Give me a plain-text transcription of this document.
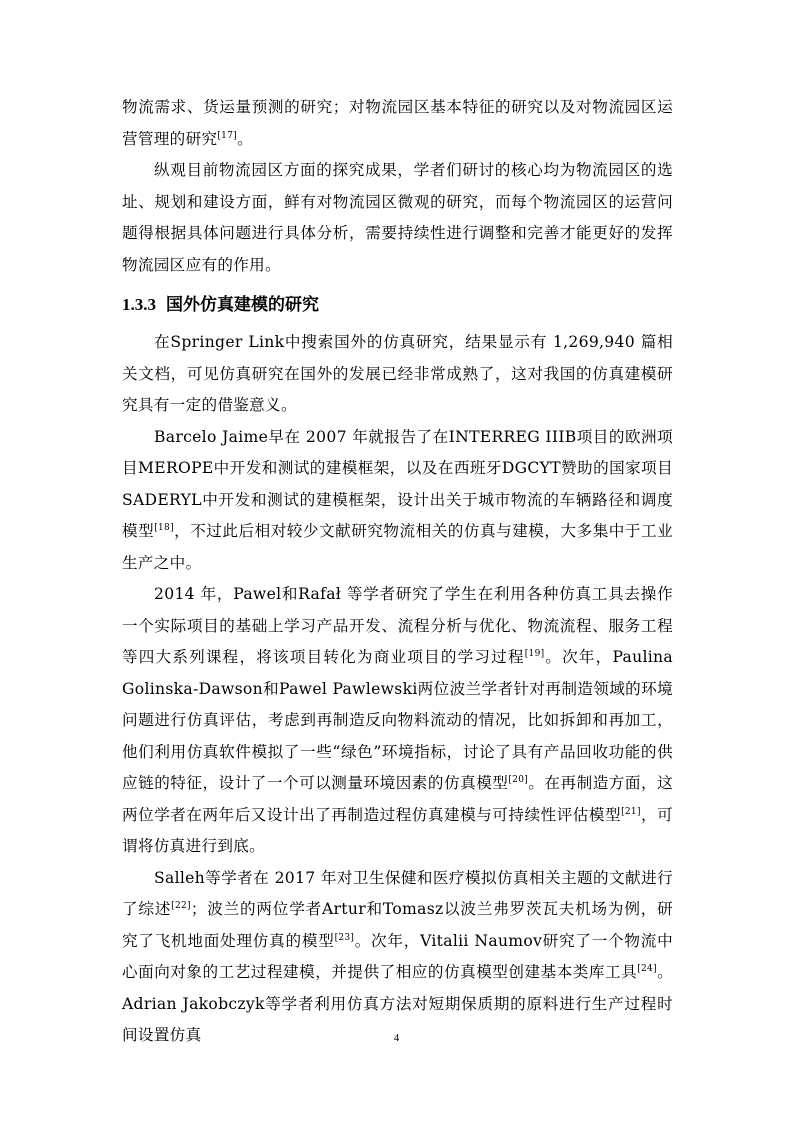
物流需求、货运量预测的研究；对物流园区基本特征的研究以及对物流园区运营管理的研究[17]。

纵观目前物流园区方面的探究成果，学者们研讨的核心均为物流园区的选址、规划和建设方面，鲜有对物流园区微观的研究，而每个物流园区的运营问题得根据具体问题进行具体分析，需要持续性进行调整和完善才能更好的发挥物流园区应有的作用。

1.3.3 国外仿真建模的研究

在Springer Link中搜索国外的仿真研究，结果显示有 1,269,940 篇相关文档，可见仿真研究在国外的发展已经非常成熟了，这对我国的仿真建模研究具有一定的借鉴意义。

Barcelo Jaime早在 2007 年就报告了在INTERREG IIIB项目的欧洲项目MEROPE中开发和测试的建模框架，以及在西班牙DGCYT赞助的国家项目SADERYL中开发和测试的建模框架，设计出关于城市物流的车辆路径和调度模型[18]，不过此后相对较少文献研究物流相关的仿真与建模，大多集中于工业生产之中。

2014 年，Pawel和Rafał 等学者研究了学生在利用各种仿真工具去操作一个实际项目的基础上学习产品开发、流程分析与优化、物流流程、服务工程等四大系列课程，将该项目转化为商业项目的学习过程[19]。次年，Paulina Golinska-Dawson和Pawel Pawlewski两位波兰学者针对再制造领域的环境问题进行仿真评估，考虑到再制造反向物料流动的情况，比如拆卸和再加工，他们利用仿真软件模拟了一些“绿色”环境指标，讨论了具有产品回收功能的供应链的特征，设计了一个可以测量环境因素的仿真模型[20]。在再制造方面，这两位学者在两年后又设计出了再制造过程仿真建模与可持续性评估模型[21]，可谓将仿真进行到底。

Salleh等学者在 2017 年对卫生保健和医疗模拟仿真相关主题的文献进行了综述[22]；波兰的两位学者Artur和Tomasz以波兰弗罗茨瓦夫机场为例，研究了飞机地面处理仿真的模型[23]。次年，Vitalii Naumov研究了一个物流中心面向对象的工艺过程建模，并提供了相应的仿真模型创建基本类库工具[24]。Adrian Jakobczyk等学者利用仿真方法对短期保质期的原料进行生产过程时间设置仿真	4
